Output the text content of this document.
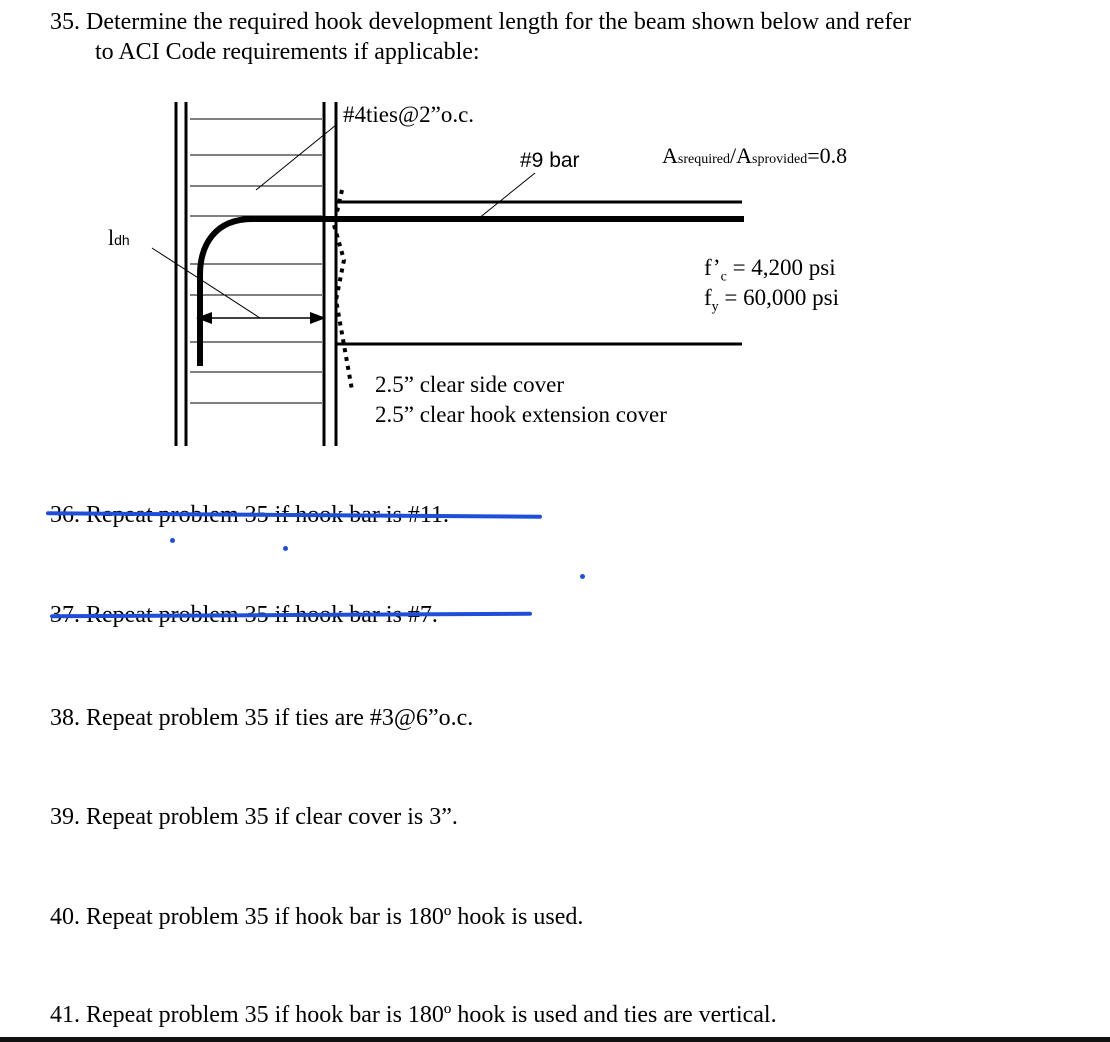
35. Determine the required hook development length for the beam shown below and refer
to ACI Code requirements if applicable:

38. Repeat problem 35 if ties are #3@6”o.c.

39. Repeat problem 35 if clear cover is 3”.

40. Repeat problem 35 if hook bar is 180º hook is used.

41. Repeat problem 35 if hook bar is 180º hook is used and ties are vertical.

#4ties@2”o.c.
#9 bar
ldh
Asrequired/Asprovided=0.8
$f’_c = 4,200$ psi
$f_y = 60,000$ psi
2.5” clear side cover
2.5” clear hook extension cover
